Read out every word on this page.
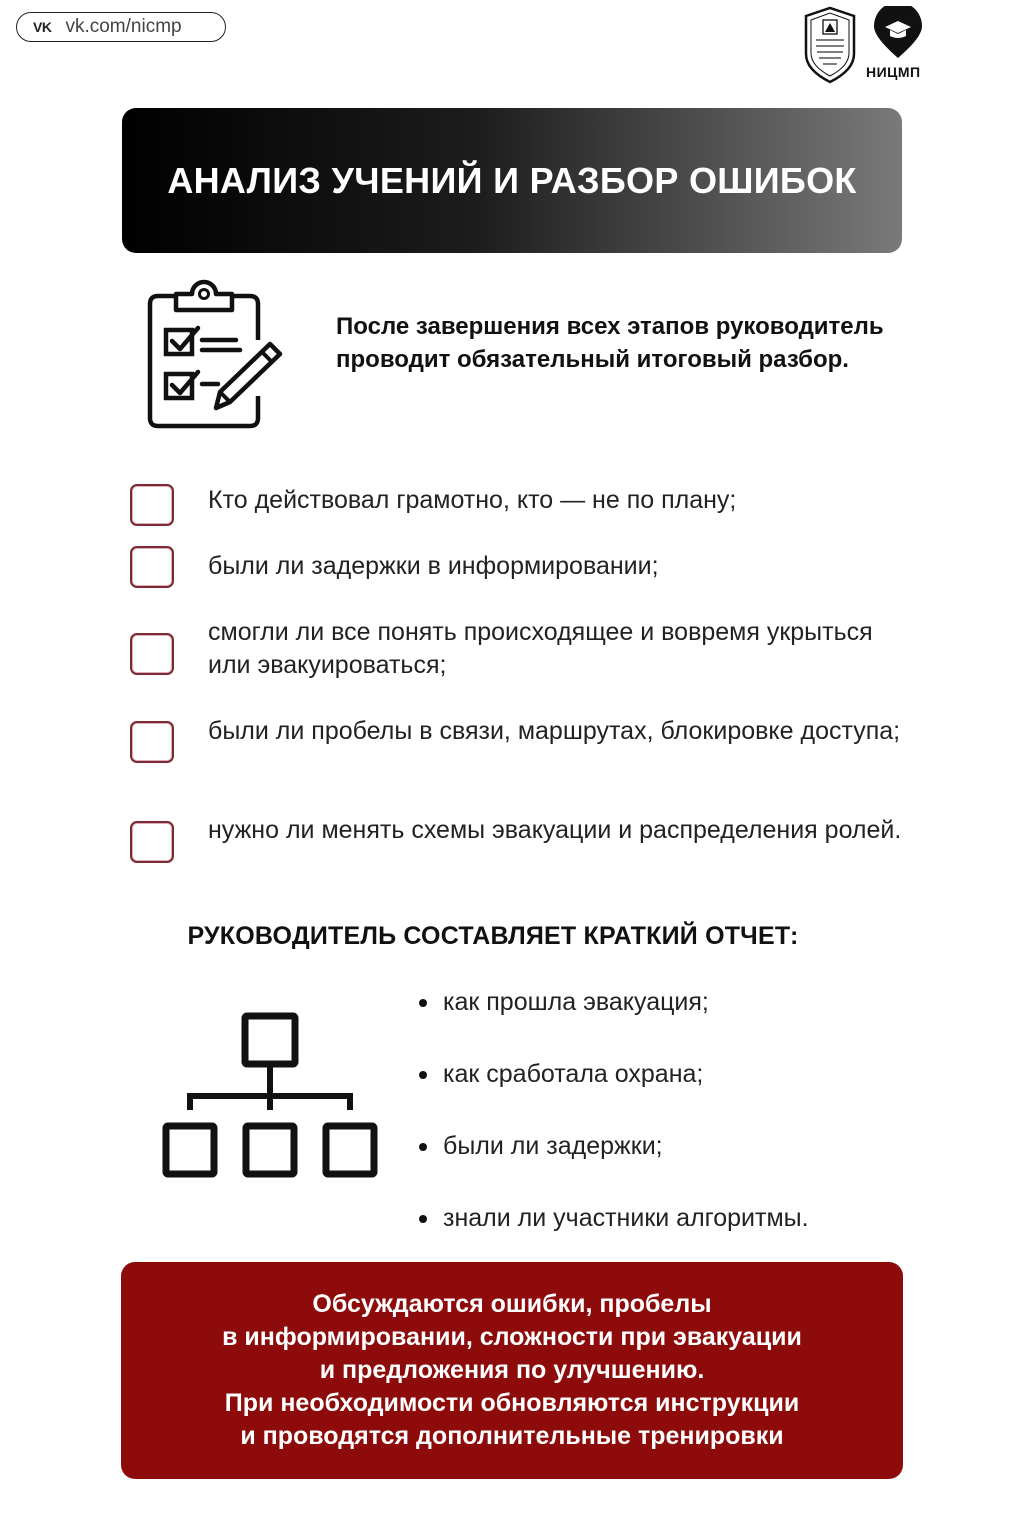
VK vk.com/nicmp
НИЦМП
АНАЛИЗ УЧЕНИЙ И РАЗБОР ОШИБОК
После завершения всех этапов руководитель проводит обязательный итоговый разбор.
Кто действовал грамотно, кто — не по плану;
были ли задержки в информировании;
смогли ли все понять происходящее и вовремя укрыться или эвакуироваться;
были ли пробелы в связи, маршрутах, блокировке доступа;
нужно ли менять схемы эвакуации и распределения ролей.
РУКОВОДИТЕЛЬ СОСТАВЛЯЕТ КРАТКИЙ ОТЧЕТ:
как прошла эвакуация;
как сработала охрана;
были ли задержки;
знали ли участники алгоритмы.
Обсуждаются ошибки, пробелы
в информировании, сложности при эвакуации
и предложения по улучшению.
При необходимости обновляются инструкции
и проводятся дополнительные тренировки
